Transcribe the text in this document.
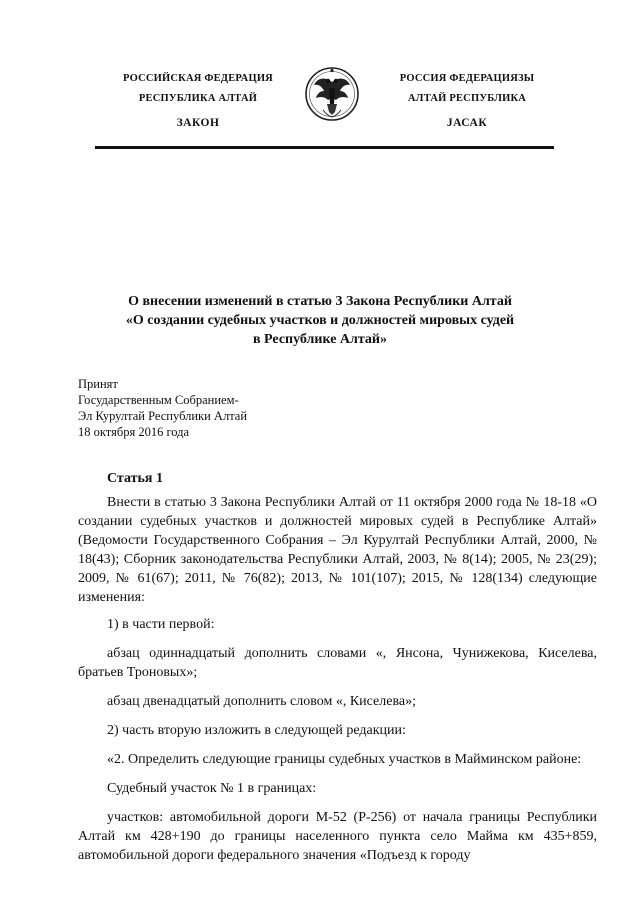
РОССИЙСКАЯ ФЕДЕРАЦИЯ
РЕСПУБЛИКА АЛТАЙ
ЗАКОН
РОССИЯ ФЕДЕРАЦИЯЗЫ
АЛТАЙ РЕСПУБЛИКА
JАСАК
О внесении изменений в статью 3 Закона Республики Алтай
«О создании судебных участков и должностей мировых судей
в Республике Алтай»
Принят
Государственным Собранием-
Эл Курултай Республики Алтай
18 октября 2016 года
Статья 1

Внести в статью 3 Закона Республики Алтай от 11 октября 2000 года № 18-18 «О создании судебных участков и должностей мировых судей в Республике Алтай» (Ведомости Государственного Собрания – Эл Курултай Республики Алтай, 2000, № 18(43); Сборник законодательства Республики Алтай, 2003, № 8(14); 2005, № 23(29); 2009, № 61(67); 2011, № 76(82); 2013, № 101(107); 2015, № 128(134) следующие изменения:

1) в части первой:

абзац одиннадцатый дополнить словами «, Янсона, Чунижекова, Киселева, братьев Троновых»;

абзац двенадцатый дополнить словом «, Киселева»;

2) часть вторую изложить в следующей редакции:

«2. Определить следующие границы судебных участков в Майминском районе:

Судебный участок № 1 в границах:

участков: автомобильной дороги М-52 (Р-256) от начала границы Республики Алтай км 428+190 до границы населенного пункта село Майма км 435+859, автомобильной дороги федерального значения «Подъезд к городу
